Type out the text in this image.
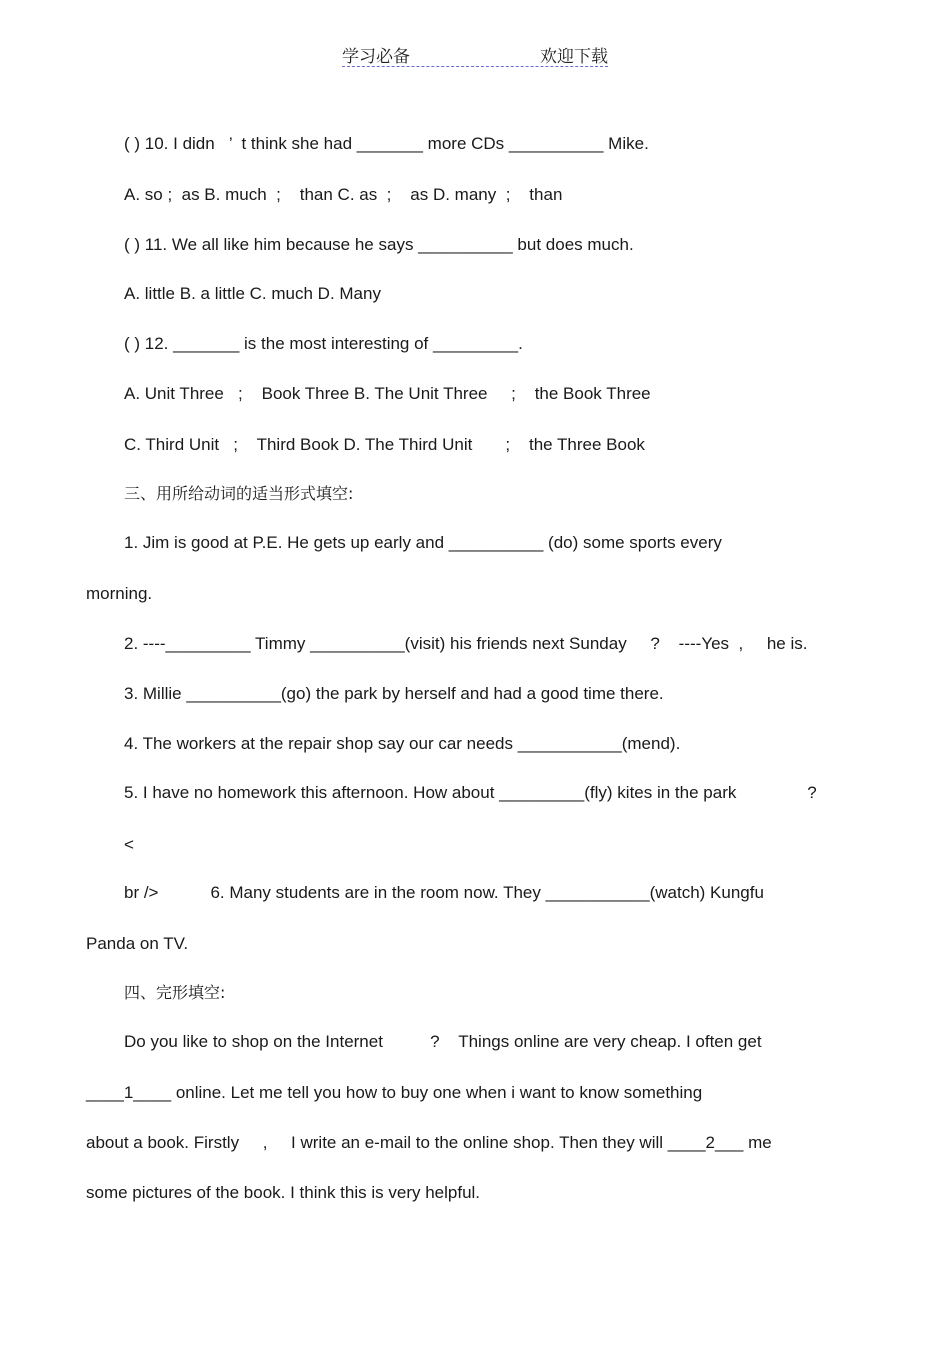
学习必备	欢迎下载
( ) 10. I didn   ’  t think she had _______ more CDs __________ Mike.
A. so ;  as B. much  ;    than C. as  ;    as D. many  ;    than
( ) 11. We all like him because he says __________ but does much.
A. little B. a little C. much D. Many
( ) 12. _______ is the most interesting of _________.
A. Unit Three   ;    Book Three B. The Unit Three     ;    the Book Three
C. Third Unit   ;    Third Book D. The Third Unit       ;    the Three Book
三、用所给动词的适当形式填空:
1. Jim is good at P.E. He gets up early and __________ (do) some sports every
morning.
2. ----_________ Timmy __________(visit) his friends next Sunday     ?    ----Yes  ,     he is.
3. Millie __________(go) the park by herself and had a good time there.
4. The workers at the repair shop say our car needs ___________(mend).
5. I have no homework this afternoon. How about _________(fly) kites in the park               ?
<
br />           6. Many students are in the room now. They ___________(watch) Kungfu
Panda on TV.
四、完形填空:
Do you like to shop on the Internet          ?    Things online are very cheap. I often get
____1____ online. Let me tell you how to buy one when i want to know something
about a book. Firstly     ,     I write an e-mail to the online shop. Then they will ____2___ me
some pictures of the book. I think this is very helpful.
